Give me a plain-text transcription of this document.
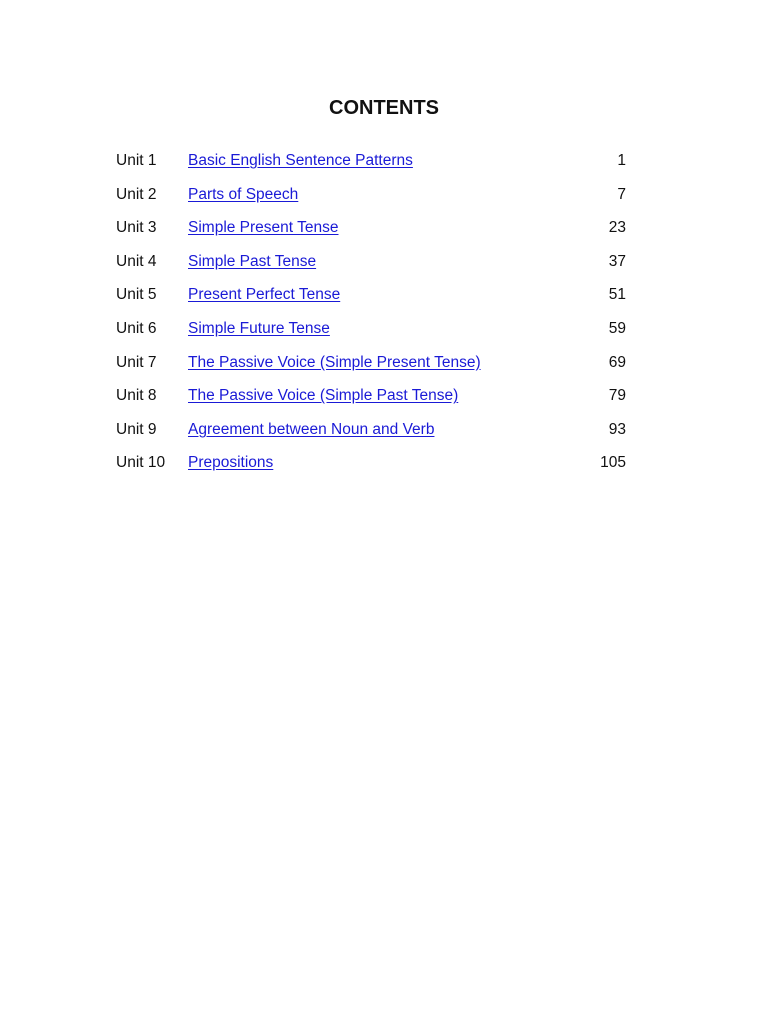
CONTENTS
Unit 1	Basic English Sentence Patterns	1
Unit 2	Parts of Speech	7
Unit 3	Simple Present Tense	23
Unit 4	Simple Past Tense	37
Unit 5	Present Perfect Tense	51
Unit 6	Simple Future Tense	59
Unit 7	The Passive Voice (Simple Present Tense)	69
Unit 8	The Passive Voice (Simple Past Tense)	79
Unit 9	Agreement between Noun and Verb	93
Unit 10	Prepositions	105
